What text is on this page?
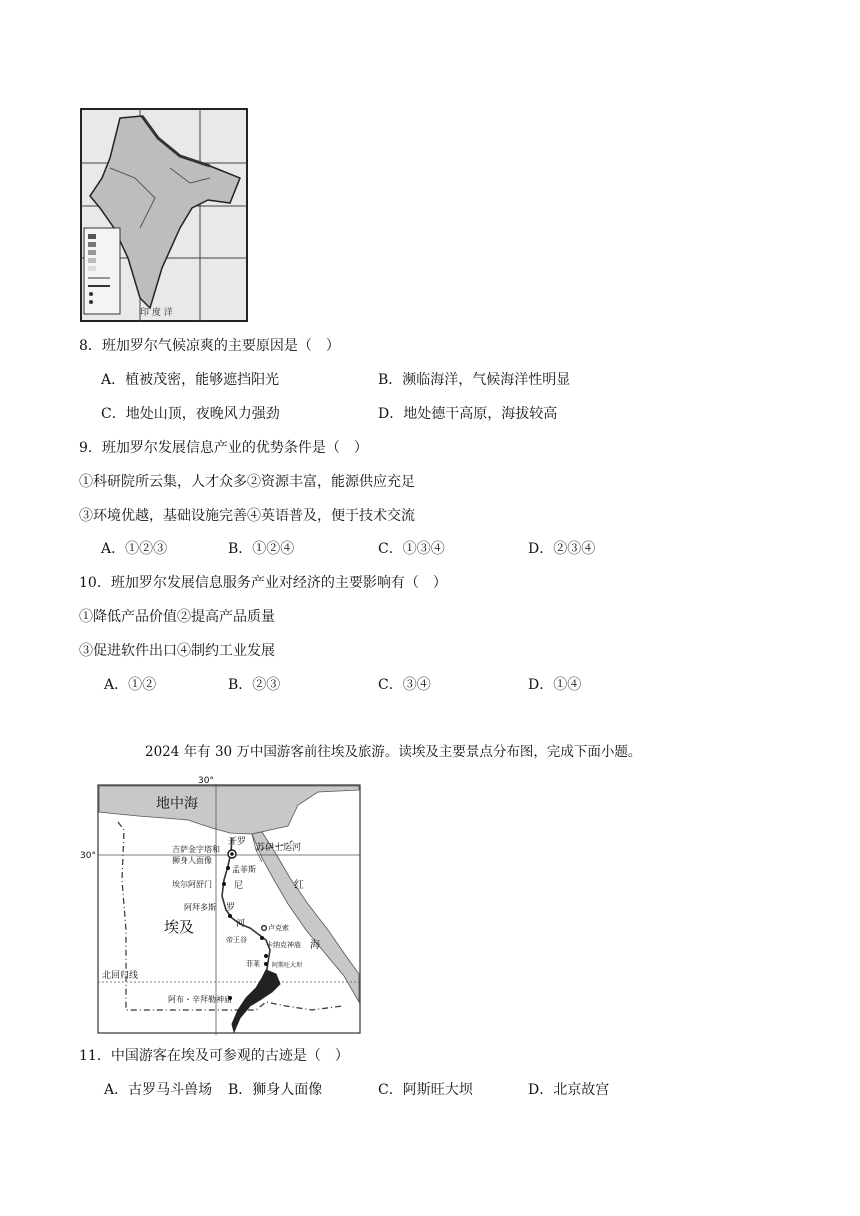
印 度 洋
8．班加罗尔气候凉爽的主要原因是（　）
A．植被茂密，能够遮挡阳光	B．濒临海洋，气候海洋性明显
C．地处山顶，夜晚风力强劲	D．地处德干高原，海拔较高
9．班加罗尔发展信息产业的优势条件是（　）
①科研院所云集，人才众多②资源丰富，能源供应充足
③环境优越，基础设施完善④英语普及，便于技术交流
A．①②③	B．①②④	C．①③④	D．②③④
10．班加罗尔发展信息服务产业对经济的主要影响有（　）
①降低产品价值②提高产品质量
③促进软件出口④制约工业发展
A．①②	B．②③	C．③④	D．①④
2024 年有 30 万中国游客前往埃及旅游。读埃及主要景点分布图，完成下面小题。
30°
30°
地中海
开罗
吉萨金字塔和
狮身人面像
苏伊士运河
孟菲斯
尼
埃尔阿舒门
罗
阿拜多斯
河
埃及
红
海
卢克索
帝王谷
卡纳克神庙
菲莱 阿斯旺大坝
北回归线
阿布・辛拜勒神庙
11．中国游客在埃及可参观的古迹是（　）
A．古罗马斗兽场 B．狮身人面像	C．阿斯旺大坝	D．北京故宫
